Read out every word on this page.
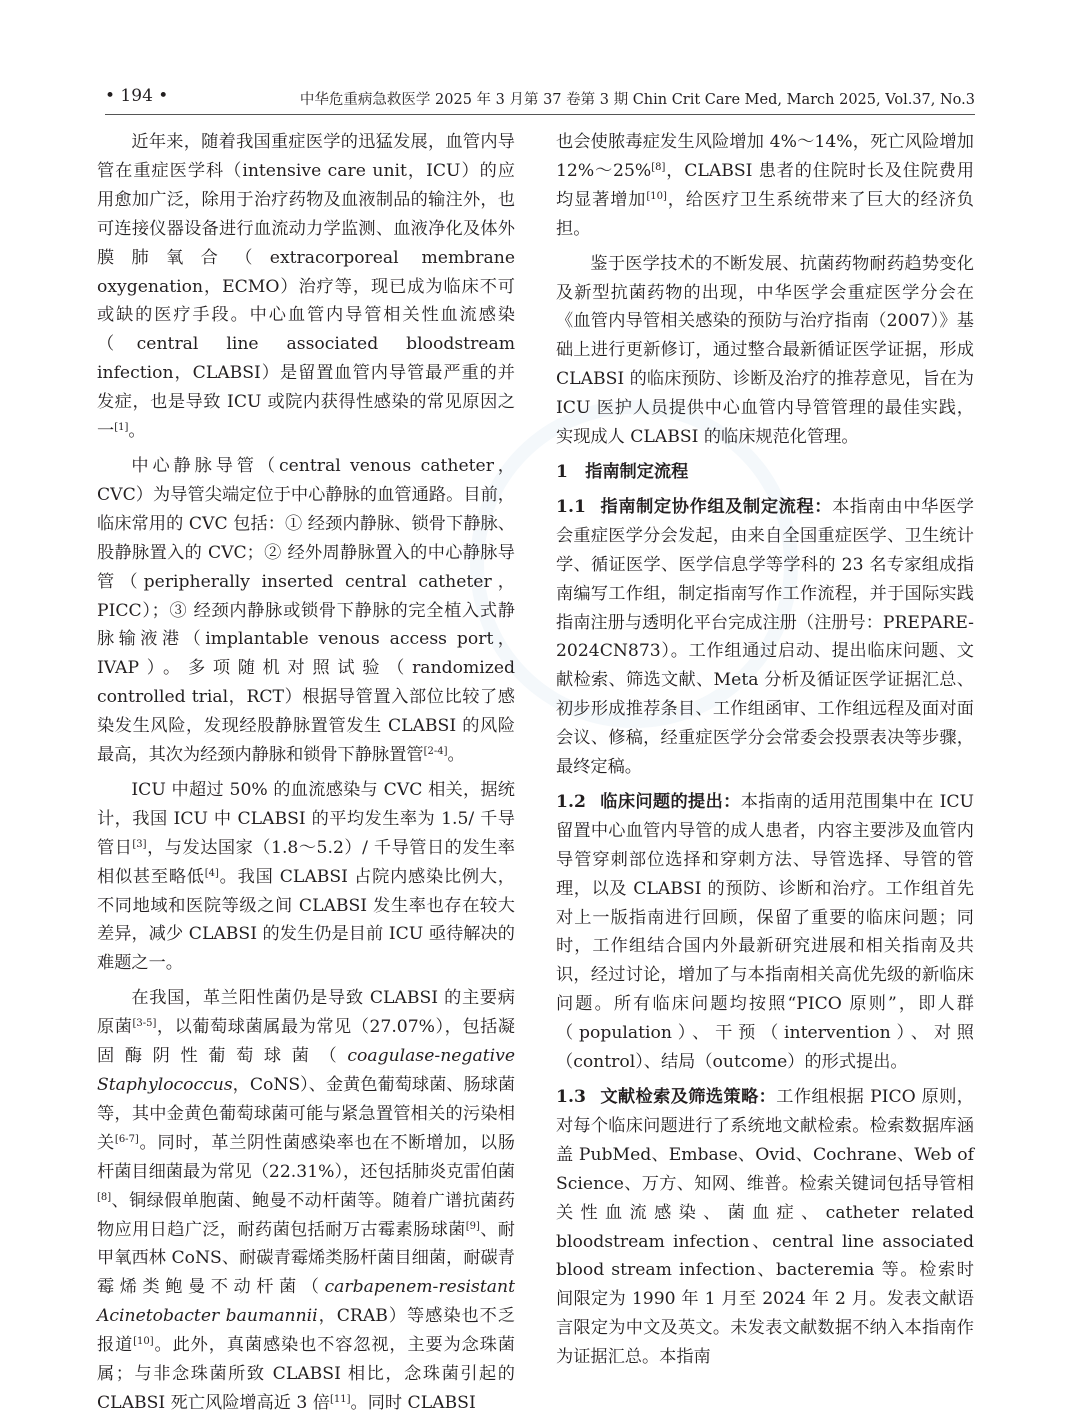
• 194 •	中华危重病急救医学 2025 年 3 月第 37 卷第 3 期 Chin Crit Care Med, March 2025, Vol.37, No.3

近年来，随着我国重症医学的迅猛发展，血管内导管在重症医学科（intensive care unit，ICU）的应用愈加广泛，除用于治疗药物及血液制品的输注外，也可连接仪器设备进行血流动力学监测、血液净化及体外膜肺氧合（extracorporeal membrane oxygenation，ECMO）治疗等，现已成为临床不可或缺的医疗手段。中心血管内导管相关性血流感染（central line associated bloodstream infection，CLABSI）是留置血管内导管最严重的并发症，也是导致 ICU 或院内获得性感染的常见原因之一[1]。

中心静脉导管（central venous catheter，CVC）为导管尖端定位于中心静脉的血管通路。目前，临床常用的 CVC 包括：① 经颈内静脉、锁骨下静脉、股静脉置入的 CVC；② 经外周静脉置入的中心静脉导管（peripherally inserted central catheter，PICC）；③ 经颈内静脉或锁骨下静脉的完全植入式静脉输液港（implantable venous access port，IVAP）。多项随机对照试验（randomized controlled trial，RCT）根据导管置入部位比较了感染发生风险，发现经股静脉置管发生 CLABSI 的风险最高，其次为经颈内静脉和锁骨下静脉置管[2-4]。

ICU 中超过 50% 的血流感染与 CVC 相关，据统计，我国 ICU 中 CLABSI 的平均发生率为 1.5/ 千导管日[3]，与发达国家（1.8～5.2）/ 千导管日的发生率相似甚至略低[4]。我国 CLABSI 占院内感染比例大，不同地域和医院等级之间 CLABSI 发生率也存在较大差异，减少 CLABSI 的发生仍是目前 ICU 亟待解决的难题之一。

在我国，革兰阳性菌仍是导致 CLABSI 的主要病原菌[3-5]，以葡萄球菌属最为常见（27.07%），包括凝固酶阴性葡萄球菌（coagulase-negative Staphylococcus，CoNS）、金黄色葡萄球菌、肠球菌等，其中金黄色葡萄球菌可能与紧急置管相关的污染相关[6-7]。同时，革兰阴性菌感染率也在不断增加，以肠杆菌目细菌最为常见（22.31%），还包括肺炎克雷伯菌[8]、铜绿假单胞菌、鲍曼不动杆菌等。随着广谱抗菌药物应用日趋广泛，耐药菌包括耐万古霉素肠球菌[9]、耐甲氧西林 CoNS、耐碳青霉烯类肠杆菌目细菌，耐碳青霉烯类鲍曼不动杆菌（carbapenem-resistant Acinetobacter baumannii，CRAB）等感染也不乏报道[10]。此外，真菌感染也不容忽视，主要为念珠菌属；与非念珠菌所致 CLABSI 相比，念珠菌引起的 CLABSI 死亡风险增高近 3 倍[11]。同时 CLABSI

也会使脓毒症发生风险增加 4%～14%，死亡风险增加 12%～25%[8]，CLABSI 患者的住院时长及住院费用均显著增加[10]，给医疗卫生系统带来了巨大的经济负担。

鉴于医学技术的不断发展、抗菌药物耐药趋势变化及新型抗菌药物的出现，中华医学会重症医学分会在《血管内导管相关感染的预防与治疗指南（2007）》基础上进行更新修订，通过整合最新循证医学证据，形成 CLABSI 的临床预防、诊断及治疗的推荐意见，旨在为 ICU 医护人员提供中心血管内导管管理的最佳实践，实现成人 CLABSI 的临床规范化管理。

1　指南制定流程

1.1 指南制定协作组及制定流程：本指南由中华医学会重症医学分会发起，由来自全国重症医学、卫生统计学、循证医学、医学信息学等学科的 23 名专家组成指南编写工作组，制定指南写作工作流程，并于国际实践指南注册与透明化平台完成注册（注册号：PREPARE-2024CN873）。工作组通过启动、提出临床问题、文献检索、筛选文献、Meta 分析及循证医学证据汇总、初步形成推荐条目、工作组函审、工作组远程及面对面会议、修稿，经重症医学分会常委会投票表决等步骤，最终定稿。

1.2 临床问题的提出：本指南的适用范围集中在 ICU 留置中心血管内导管的成人患者，内容主要涉及血管内导管穿刺部位选择和穿刺方法、导管选择、导管的管理，以及 CLABSI 的预防、诊断和治疗。工作组首先对上一版指南进行回顾，保留了重要的临床问题；同时，工作组结合国内外最新研究进展和相关指南及共识，经过讨论，增加了与本指南相关高优先级的新临床问题。所有临床问题均按照“PICO 原则”，即人群（population）、干预（intervention）、对照（control）、结局（outcome）的形式提出。

1.3 文献检索及筛选策略：工作组根据 PICO 原则，对每个临床问题进行了系统地文献检索。检索数据库涵盖 PubMed、Embase、Ovid、Cochrane、Web of Science、万方、知网、维普。检索关键词包括导管相关性血流感染、菌血症、catheter related bloodstream infection、central line associated blood stream infection、bacteremia 等。检索时间限定为 1990 年 1 月至 2024 年 2 月。发表文献语言限定为中文及英文。未发表文献数据不纳入本指南作为证据汇总。本指南
